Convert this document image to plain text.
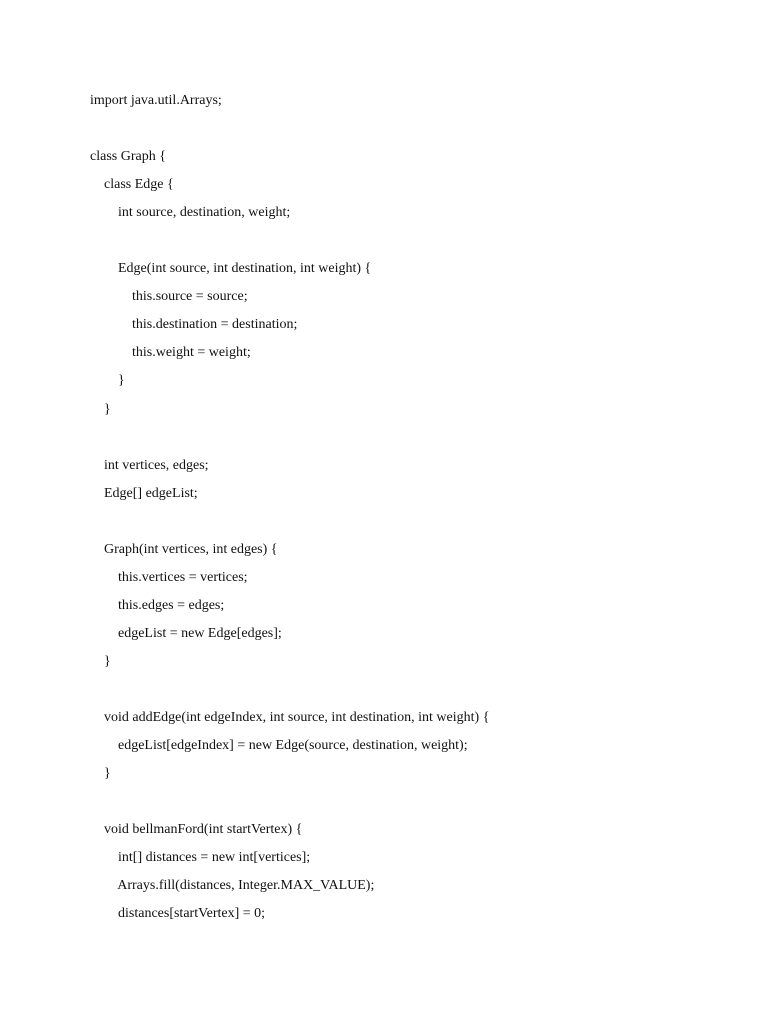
import java.util.Arrays;
class Graph {
class Edge {
int source, destination, weight;
Edge(int source, int destination, int weight) {
this.source = source;
this.destination = destination;
this.weight = weight;
}
}
int vertices, edges;
Edge[] edgeList;
Graph(int vertices, int edges) {
this.vertices = vertices;
this.edges = edges;
edgeList = new Edge[edges];
}
void addEdge(int edgeIndex, int source, int destination, int weight) {
edgeList[edgeIndex] = new Edge(source, destination, weight);
}
void bellmanFord(int startVertex) {
int[] distances = new int[vertices];
Arrays.fill(distances, Integer.MAX_VALUE);
distances[startVertex] = 0;
